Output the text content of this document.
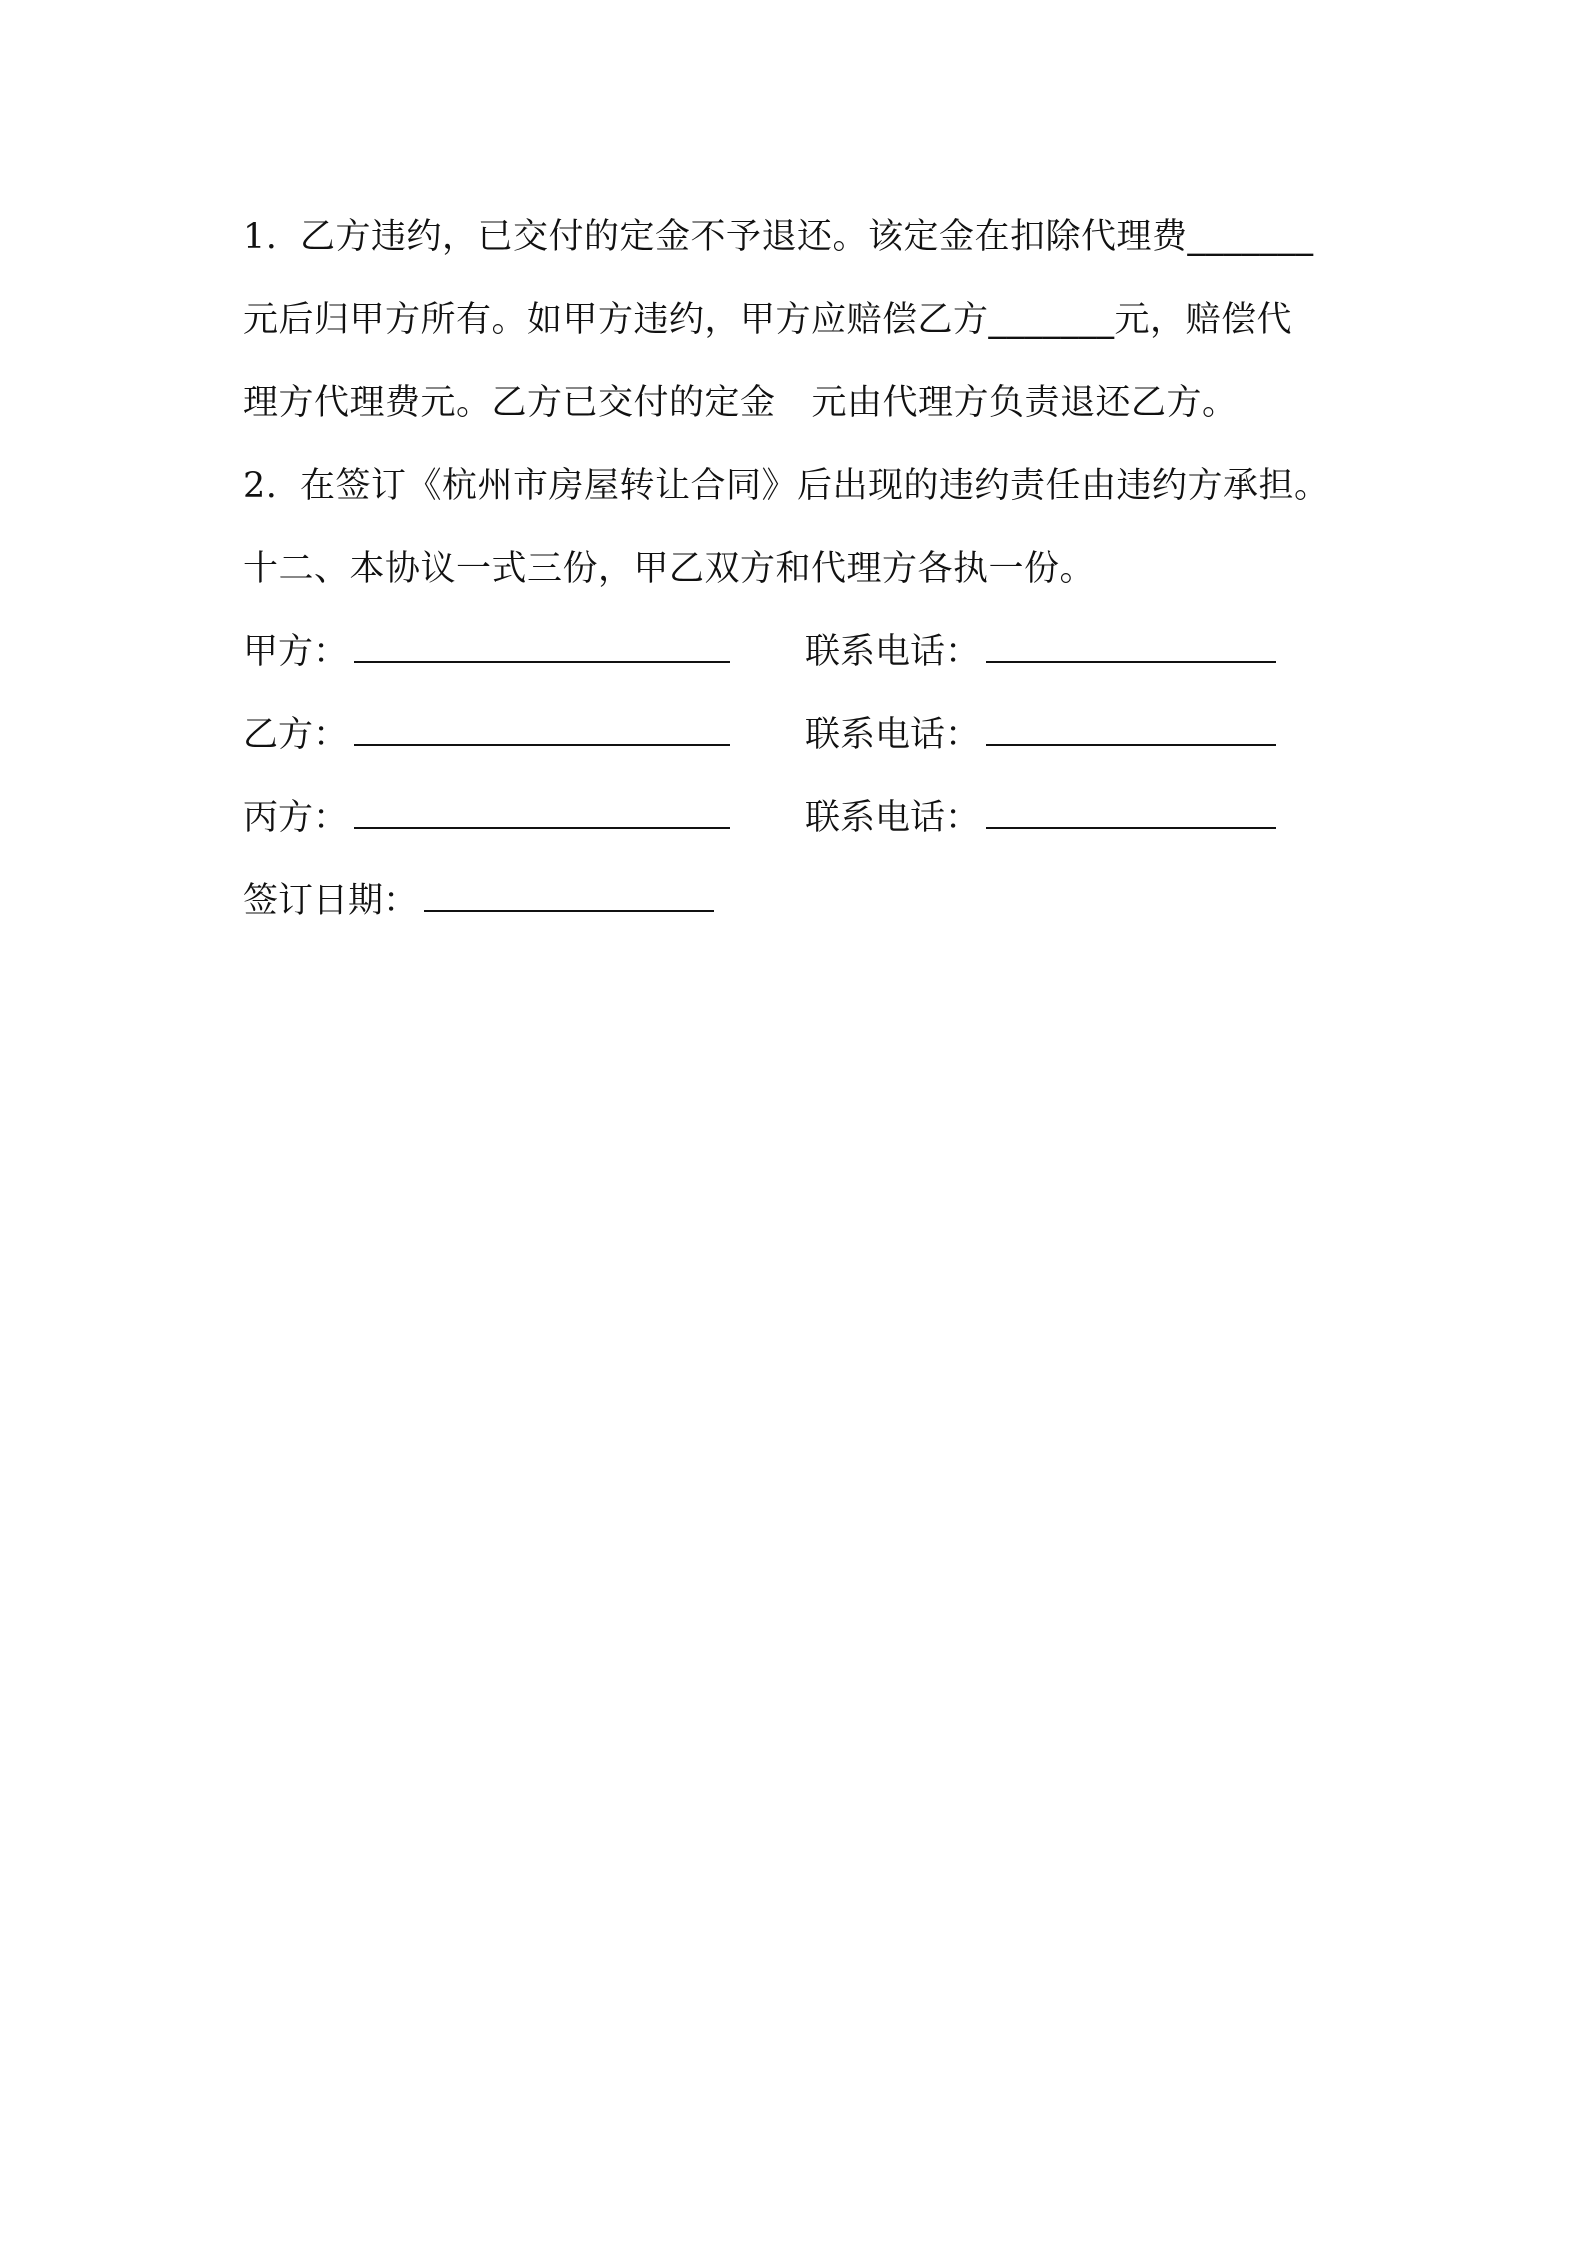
1. 乙方违约，已交付的定金不予退还。该定金在扣除代理费_______
元后归甲方所有。如甲方违约，甲方应赔偿乙方_______元，赔偿代
理方代理费元。乙方已交付的定金 元由代理方负责退还乙方。
2. 在签订《杭州市房屋转让合同》后出现的违约责任由违约方承担。
十二、本协议一式三份，甲乙双方和代理方各执一份。
甲方：	联系电话：
乙方：	联系电话：
丙方：	联系电话：
签订日期：
